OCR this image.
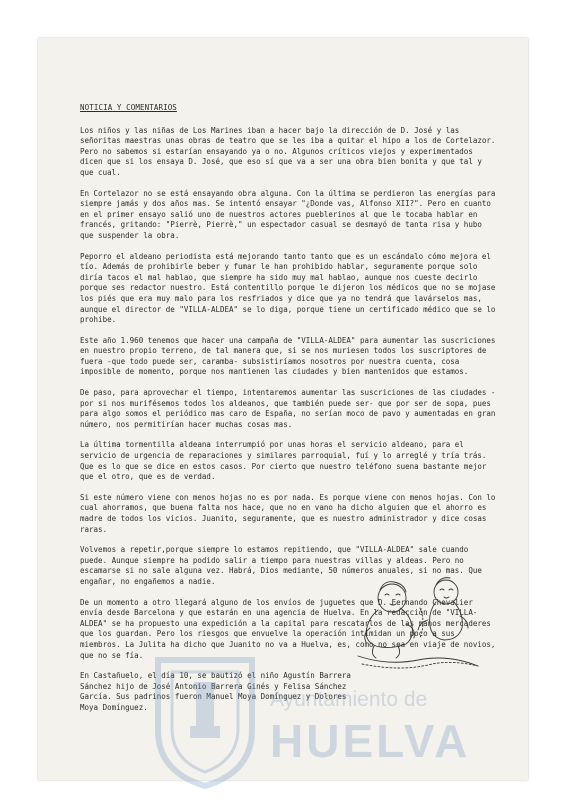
NOTICIA Y COMENTARIOS

Los niños y las niñas de Los Marines iban a hacer bajo la dirección de D. José y las señoritas maestras unas obras de teatro que se les iba a quitar el hipo a los de Cortelazor. Pero no sabemos si estarían ensayando ya o no. Algunos críticos viejos y experimentados dicen que si los ensaya D. José, que eso sí que va a ser una obra bien bonita y que tal y que cual.

En Cortelazor no se está ensayando obra alguna. Con la última se perdieron las energías para siempre jamás y dos años mas. Se intentó ensayar "¿Donde vas, Alfonso XII?". Pero en cuanto en el primer ensayo salió uno de nuestros actores pueblerinos al que le tocaba hablar en francés, gritando: "Pierrè, Pierrè," un espectador casual se desmayó de tanta risa y hubo que suspender la obra.

Peporro el aldeano periodista está mejorando tanto tanto que es un escándalo cómo mejora el tío. Además de prohibirle beber y fumar le han prohibido hablar, seguramente porque solo diría tacos el mal hablao, que siempre ha sido muy mal hablao, aunque nos cueste decirlo porque ses redactor nuestro. Está contentillo porque le dijeron los médicos que no se mojase los piés que era muy malo para los resfriados y dice que ya no tendrá que lavárselos mas, aunque el director de "VILLA-ALDEA" se lo diga, porque tiene un certificado médico que se lo prohibe.

Este año 1.960 tenemos que hacer una campaña de "VILLA-ALDEA" para aumentar las suscriciones en nuestro propio terreno, de tal manera que, si se nos muriesen todos los suscriptores de fuera -que todo puede ser, caramba- subsistiríamos nosotros por nuestra cuenta, cosa imposible de momento, porque nos mantienen las ciudades y bien mantenidos que estamos.

De paso, para aprovechar el tiempo, intentaremos aumentar las suscriciones de las ciudades -por si nos murifésemos todos los aldeanos, que también puede ser- que por ser de sopa, pues para algo somos el periódico mas caro de España, no serían moco de pavo y aumentadas en gran número, nos permitirían hacer muchas cosas mas.

La última tormentilla aldeana interrumpió por unas horas el servicio aldeano, para el servicio de urgencia de reparaciones y similares parroquial, fuí y lo arreglé y tría trás. Que es lo que se dice en estos casos. Por cierto que nuestro teléfono suena bastante mejor que el otro, que es de verdad.

Si este número viene con menos hojas no es por nada. Es porque viene con menos hojas. Con lo cual ahorramos, que buena falta nos hace, que no en vano ha dicho alguien que el ahorro es madre de todos los vicios. Juanito, seguramente, que es nuestro administrador y dice cosas raras.

Volvemos a repetir,porque siempre lo estamos repitiendo, que "VILLA-ALDEA" sale cuando puede. Aunque siempre ha podido salir a tiempo para nuestras villas y aldeas. Pero no escamarse si no sale alguna vez. Habrá, Dios mediante, 50 números anuales, si no mas. Que engañar, no engañemos a nadie.

De un momento a otro llegará alguno de los envíos de juguetes que D. Fernando Chevalier envía desde Barcelona y que estarán en una agencia de Huelva. En la redacción de "VILLA-ALDEA" se ha propuesto una expedición a la capital para rescatarlos de las manos mercaderes que los guardan. Pero los riesgos que envuelve la operación intimidan un poco a sus miembros. La Julita ha dicho que Juanito no va a Huelva, es, como no sea en viaje de novios, que no se fía.

En Castañuelo, el día 10, se bautizó el niño Agustín Barrera Sánchez hijo de José Antonio Barrera Ginés y Felisa Sánchez García. Sus padrinos fueron Manuel Moya Domínguez y Dolores Moya Domínguez.	Ayuntamiento de
HUELVA
